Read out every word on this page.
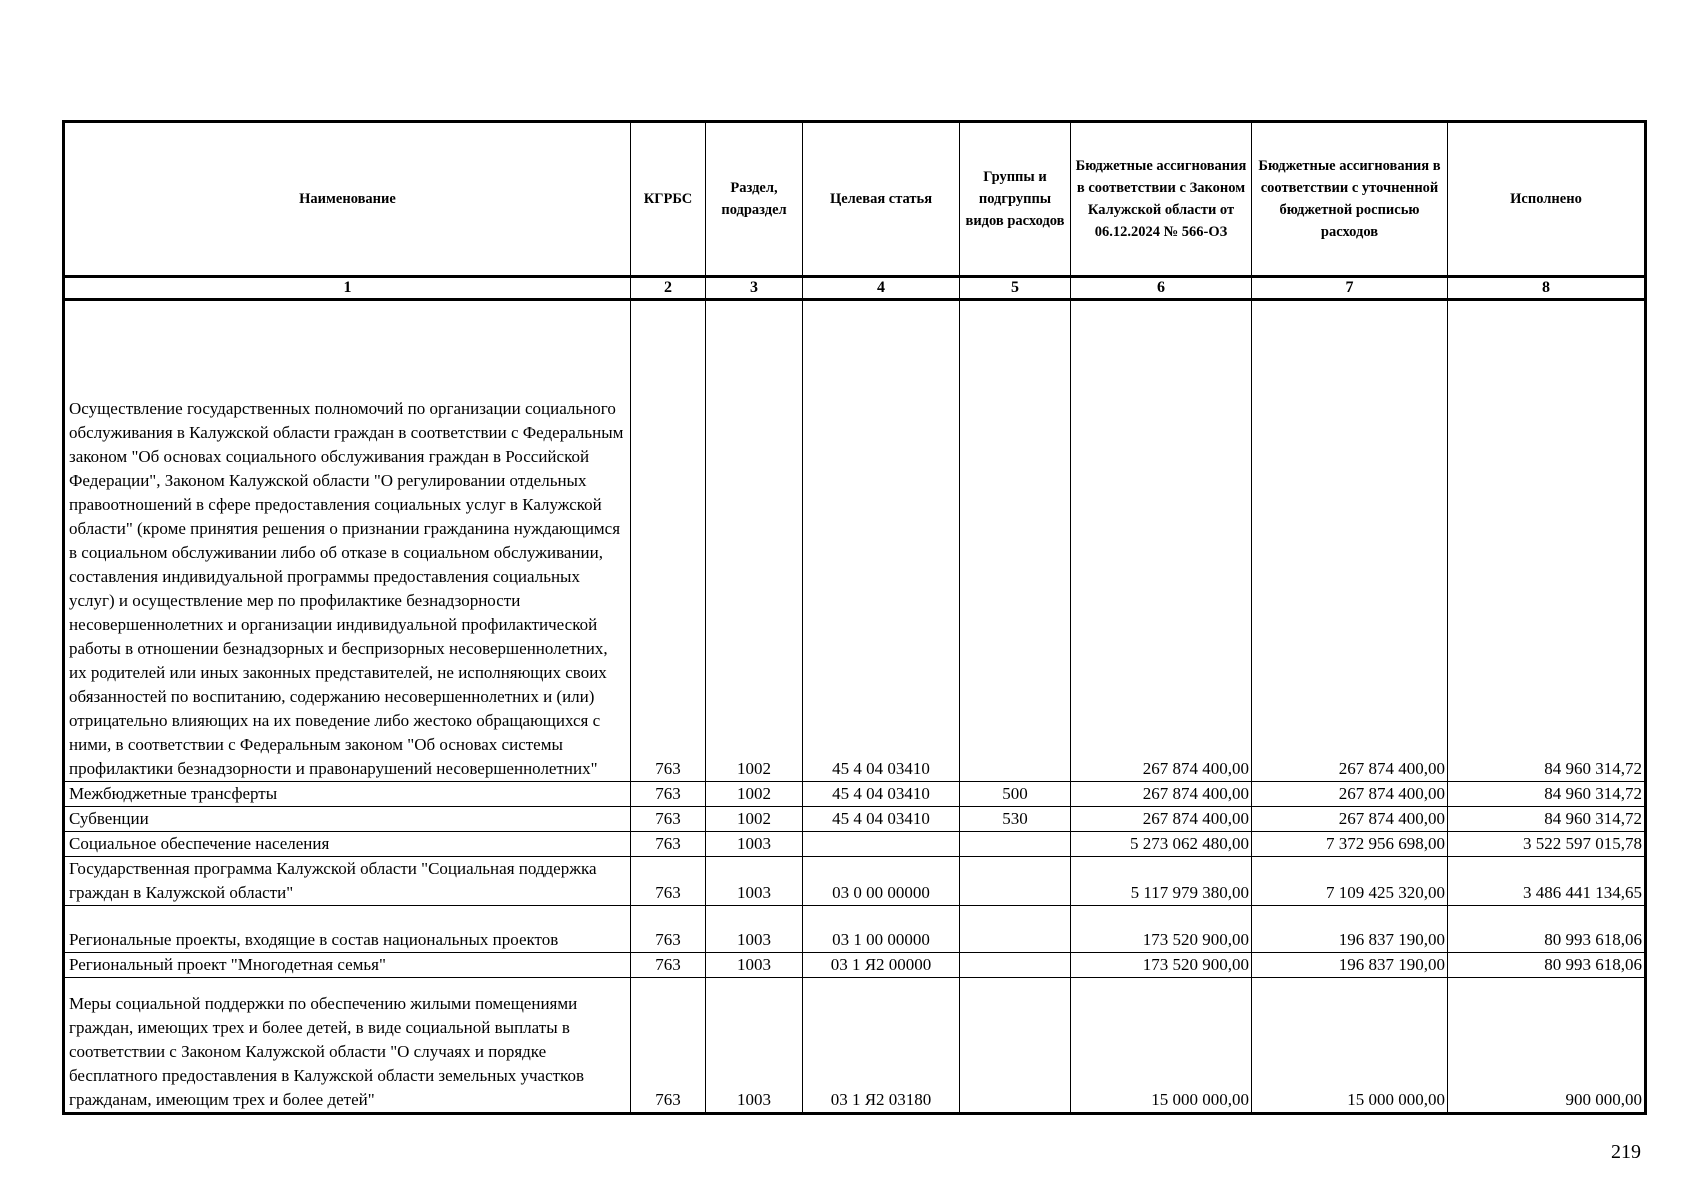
Наименование	КГРБС	Раздел, подраздел	Целевая статья	Группы и подгруппы видов расходов	Бюджетные ассигнования в соответствии с Законом Калужской области от 06.12.2024 № 566-ОЗ	Бюджетные ассигнования в соответствии с уточненной бюджетной росписью расходов	Исполнено
1	2	3	4	5	6	7	8
Осуществление государственных полномочий по организации социального обслуживания в Калужской области граждан в соответствии с Федеральным законом "Об основах социального обслуживания граждан в Российской Федерации", Законом Калужской области "О регулировании отдельных правоотношений в сфере предоставления социальных услуг в Калужской области" (кроме принятия решения о признании гражданина нуждающимся в социальном обслуживании либо об отказе в социальном обслуживании, составления индивидуальной программы предоставления социальных услуг) и осуществление мер по профилактике безнадзорности несовершеннолетних и организации индивидуальной профилактической работы в отношении безнадзорных и беспризорных несовершеннолетних, их родителей или иных законных представителей, не исполняющих своих обязанностей по воспитанию, содержанию несовершеннолетних и (или) отрицательно влияющих на их поведение либо жестоко обращающихся с ними, в соответствии с Федеральным законом "Об основах системы профилактики безнадзорности и правонарушений несовершеннолетних"	763	1002	45 4 04 03410		267 874 400,00	267 874 400,00	84 960 314,72
Межбюджетные трансферты	763	1002	45 4 04 03410	500	267 874 400,00	267 874 400,00	84 960 314,72
Субвенции	763	1002	45 4 04 03410	530	267 874 400,00	267 874 400,00	84 960 314,72
Социальное обеспечение населения	763	1003			5 273 062 480,00	7 372 956 698,00	3 522 597 015,78
Государственная программа Калужской области "Социальная поддержка граждан в Калужской области"	763	1003	03 0 00 00000		5 117 979 380,00	7 109 425 320,00	3 486 441 134,65
Региональные проекты, входящие в состав национальных проектов	763	1003	03 1 00 00000		173 520 900,00	196 837 190,00	80 993 618,06
Региональный проект "Многодетная семья"	763	1003	03 1 Я2 00000		173 520 900,00	196 837 190,00	80 993 618,06
Меры социальной поддержки по обеспечению жилыми помещениями граждан, имеющих трех и более детей, в виде социальной выплаты в соответствии с Законом Калужской области "О случаях и порядке бесплатного предоставления в Калужской области земельных участков гражданам, имеющим трех и более детей"	763	1003	03 1 Я2 03180		15 000 000,00	15 000 000,00	900 000,00
219
